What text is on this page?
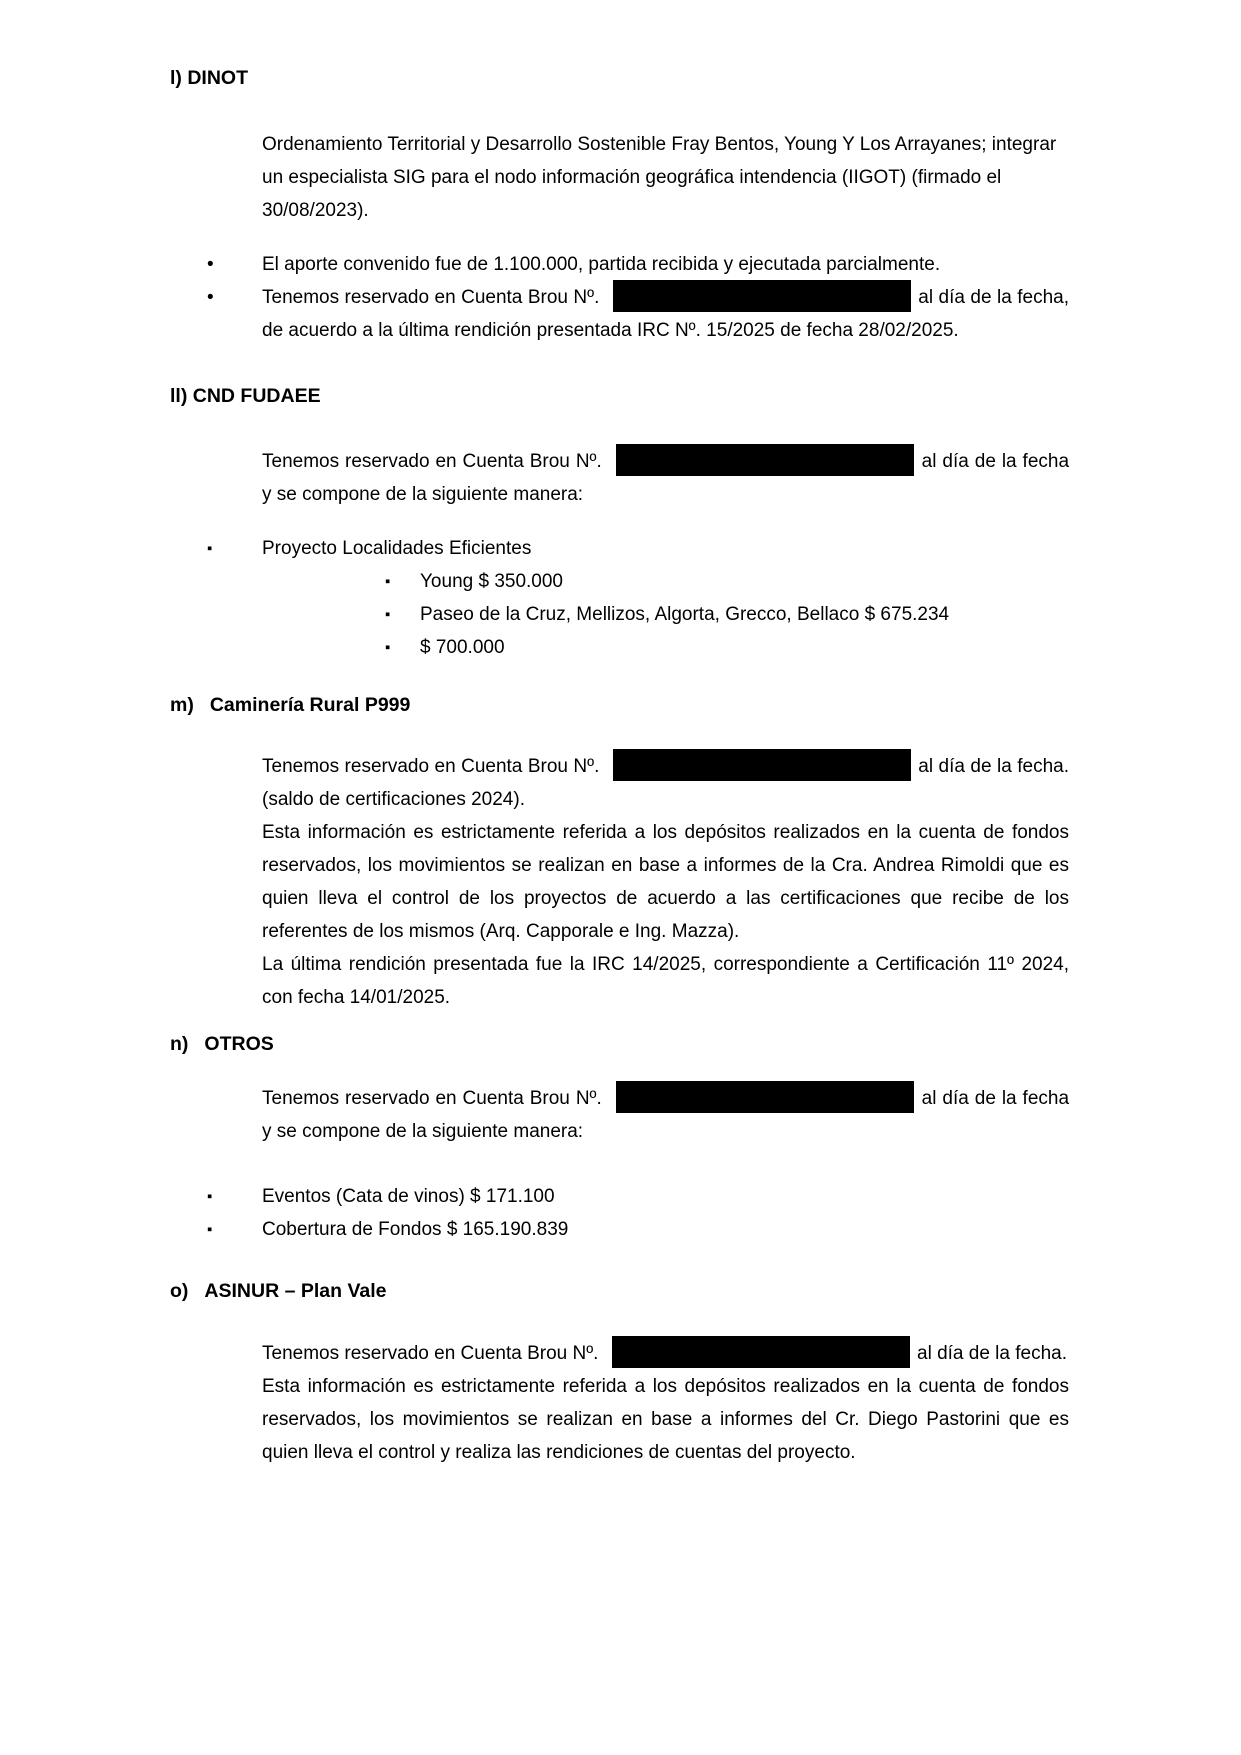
l) DINOT
Ordenamiento Territorial y Desarrollo Sostenible Fray Bentos, Young Y Los Arrayanes; integrar un especialista SIG para el nodo información geográfica intendencia (IIGOT) (firmado el 30/08/2023).
•	El aporte convenido fue de 1.100.000, partida recibida y ejecutada parcialmente.
•	Tenemos reservado en Cuenta Brou Nº.	al día de la fecha, de acuerdo a la última rendición presentada IRC Nº. 15/2025 de fecha 28/02/2025.
ll) CND FUDAEE
Tenemos reservado en Cuenta Brou Nº.	al día de la fecha y se compone de la siguiente manera:
▪	Proyecto Localidades Eficientes
▪ Young $ 350.000
▪ Paseo de la Cruz, Mellizos, Algorta, Grecco, Bellaco $ 675.234
▪ $ 700.000
m) Caminería Rural P999
Tenemos reservado en Cuenta Brou Nº.	al día de la fecha. (saldo de certificaciones 2024).
Esta información es estrictamente referida a los depósitos realizados en la cuenta de fondos reservados, los movimientos se realizan en base a informes de la Cra. Andrea Rimoldi que es quien lleva el control de los proyectos de acuerdo a las certificaciones que recibe de los referentes de los mismos (Arq. Capporale e Ing. Mazza).
La última rendición presentada fue la IRC 14/2025, correspondiente a Certificación 11º 2024, con fecha 14/01/2025.
n) OTROS
Tenemos reservado en Cuenta Brou Nº.	al día de la fecha y se compone de la siguiente manera:
▪	Eventos (Cata de vinos) $ 171.100
▪	Cobertura de Fondos $ 165.190.839
o) ASINUR – Plan Vale
Tenemos reservado en Cuenta Brou Nº.	al día de la fecha.
Esta información es estrictamente referida a los depósitos realizados en la cuenta de fondos reservados, los movimientos se realizan en base a informes del Cr. Diego Pastorini que es quien lleva el control y realiza las rendiciones de cuentas del proyecto.
